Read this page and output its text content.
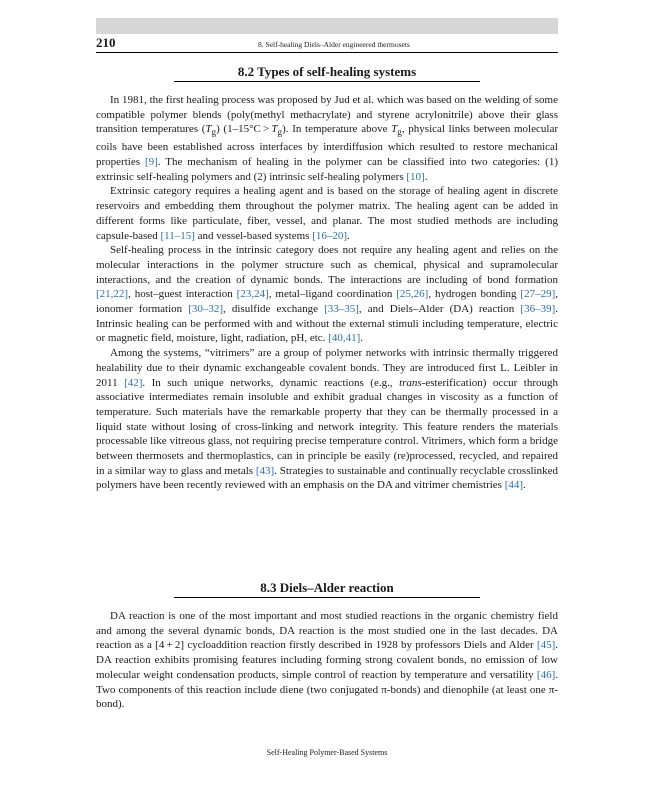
210	8. Self-healing Diels–Alder engineered thermosets
8.2 Types of self-healing systems

In 1981, the first healing process was proposed by Jud et al. which was based on the welding of some compatible polymer blends (poly(methyl methacrylate) and styrene acrylonitrile) above their glass transition temperatures $(T_g) (1-15^\circ C > T_g)$. In temperature above $T_g$, physical links between molecular coils have been established across interfaces by interdiffusion which resulted to restore mechanical properties [9]. The mechanism of healing in the polymer can be classified into two categories: (1) extrinsic self-healing polymers and (2) intrinsic self-healing polymers [10].

Extrinsic category requires a healing agent and is based on the storage of healing agent in discrete reservoirs and embedding them throughout the polymer matrix. The healing agent can be added in different forms like particulate, fiber, vessel, and planar. The most studied methods are including capsule-based [11–15] and vessel-based systems [16–20].

Self-healing process in the intrinsic category does not require any healing agent and relies on the molecular interactions in the polymer structure such as chemical, physical and supramolecular interactions, and the creation of dynamic bonds. The interactions are including of bond formation [21,22], host–guest interaction [23,24], metal–ligand coordination [25,26], hydrogen bonding [27–29], ionomer formation [30–32], disulfide exchange [33–35], and Diels–Alder (DA) reaction [36–39]. Intrinsic healing can be performed with and without the external stimuli including temperature, electric or magnetic field, moisture, light, radiation, pH, etc. [40,41].

Among the systems, “vitrimers” are a group of polymer networks with intrinsic thermally triggered healability due to their dynamic exchangeable covalent bonds. They are introduced first L. Leibler in 2011 [42]. In such unique networks, dynamic reactions (e.g., trans-esterification) occur through associative intermediates remain insoluble and exhibit gradual changes in viscosity as a function of temperature. Such materials have the remarkable property that they can be thermally processed in a liquid state without losing of cross-linking and network integrity. This feature renders the materials processable like vitreous glass, not requiring precise temperature control. Vitrimers, which form a bridge between thermosets and thermoplastics, can in principle be easily (re)processed, recycled, and repaired in a similar way to glass and metals [43]. Strategies to sustainable and continually recyclable crosslinked polymers have been recently reviewed with an emphasis on the DA and vitrimer chemistries [44].

8.3 Diels–Alder reaction

DA reaction is one of the most important and most studied reactions in the organic chemistry field and among the several dynamic bonds, DA reaction is the most studied one in the last decades. DA reaction as a [4 + 2] cycloaddition reaction firstly described in 1928 by professors Diels and Alder [45]. DA reaction exhibits promising features including forming strong covalent bonds, no emission of low molecular weight condensation products, simple control of reaction by temperature and versatility [46]. Two components of this reaction include diene (two conjugated π-bonds) and dienophile (at least one π-bond).

Self-Healing Polymer-Based Systems
